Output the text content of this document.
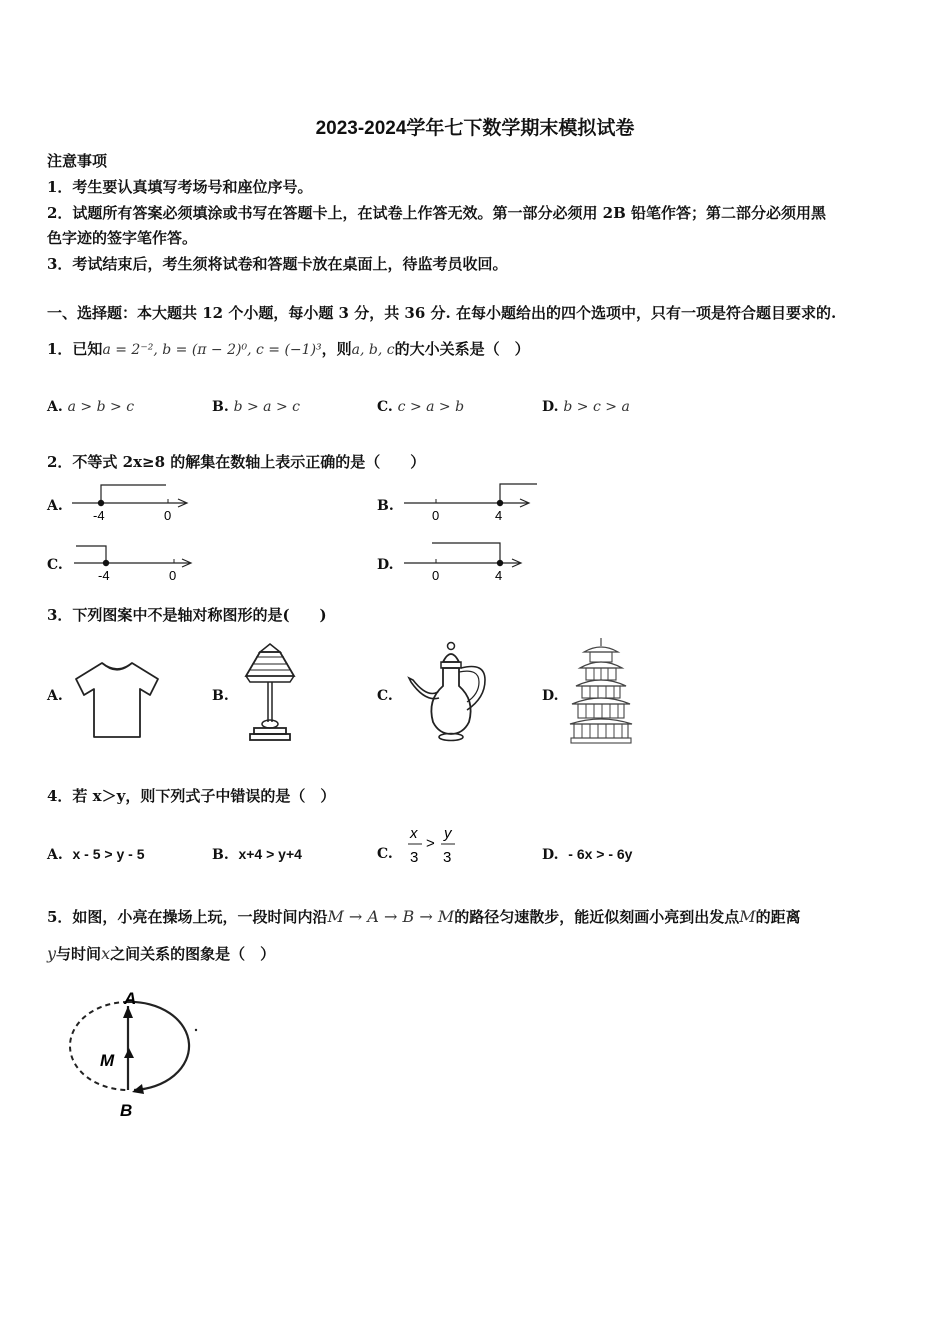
2023-2024学年七下数学期末模拟试卷
注意事项
1．考生要认真填写考场号和座位序号。
2．试题所有答案必须填涂或书写在答题卡上，在试卷上作答无效。第一部分必须用 2B 铅笔作答；第二部分必须用黑
色字迹的签字笔作答。
3．考试结束后，考生须将试卷和答题卡放在桌面上，待监考员收回。
一、选择题：本大题共 12 个小题，每小题 3 分，共 36 分. 在每小题给出的四个选项中，只有一项是符合题目要求的.
1．已知a = 2⁻², b = (π − 2)⁰, c = (−1)³，则a, b, c的大小关系是（　）
A. a > b > c	B. b > a > c	C. c > a > b	D. b > c > a
2．不等式 2x≥8 的解集在数轴上表示正确的是（　　）
A.
-4	0
B.
0	4
C.
-4	0
D.
0	4
3．下列图案中不是轴对称图形的是(　　)
A.	B.	C.	D.
4．若 x＞y，则下列式子中错误的是（　）
A. x - 5 > y - 5	B. x+4 > y+4	C.
x
3
>
y
3	D. - 6x > - 6y
5．如图，小亮在操场上玩，一段时间内沿M → A → B → M的路径匀速散步，能近似刻画小亮到出发点M的距离
y与时间x之间关系的图象是（　）
A
M
B
